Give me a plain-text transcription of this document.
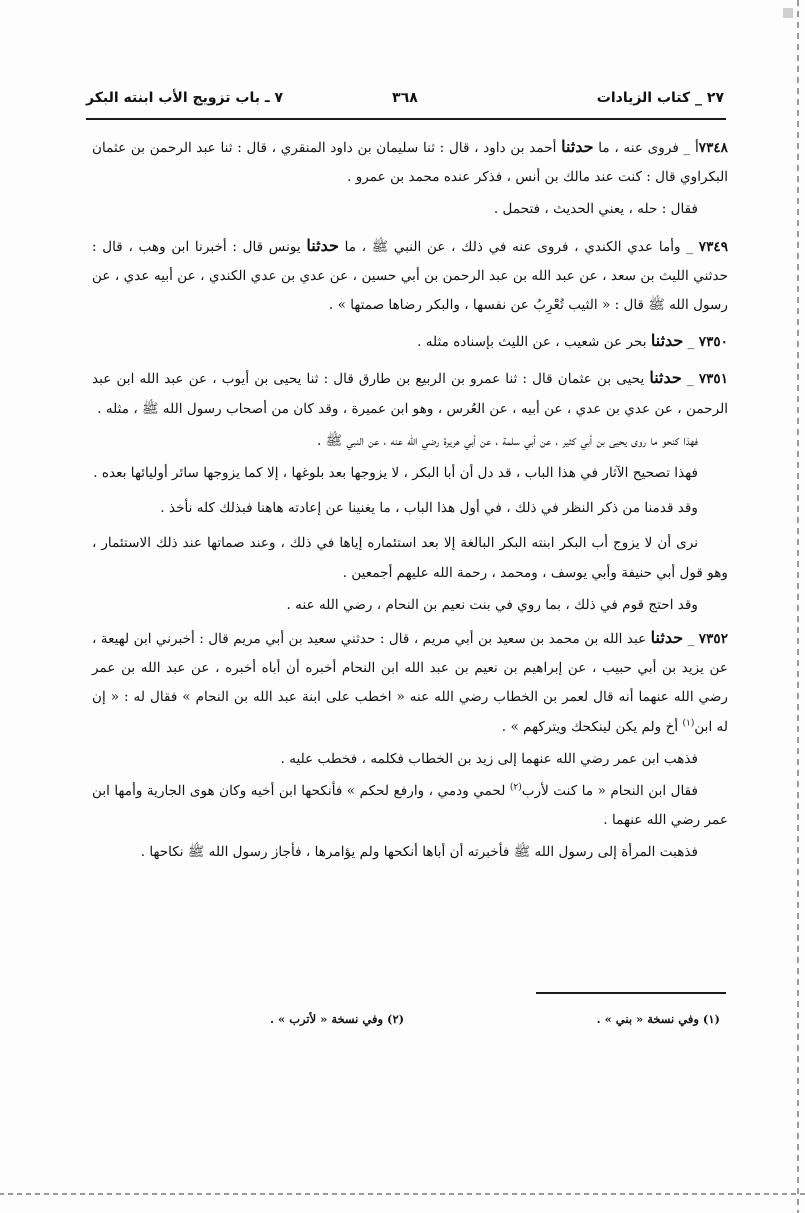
٢٧ _ كتاب الزيادات
٣٦٨
٧ ـ باب تزويج الأب ابنته البكر

٧٣٤٨أ _ فروى عنه ، ما حدثنا أحمد بن داود ، قال : ثنا سليمان بن داود المنقري ، قال : ثنا عبد الرحمن بن عثمان البكراوي قال : كنت عند مالك بن أنس ، فذكر عنده محمد بن عمرو .

فقال : حله ، يعني الحديث ، فتحمل .

٧٣٤٩ _ وأما عدي الكندي ، فروى عنه في ذلك ، عن النبي ﷺ ، ما حدثنا يونس قال : أخبرنا ابن وهب ، قال : حدثني الليث بن سعد ، عن عبد الله بن عبد الرحمن بن أبي حسين ، عن عدي بن عدي الكندي ، عن أبيه عدي ، عن رسول الله ﷺ قال : « الثيب تُعْرِبُ عن نفسها ، والبكر رضاها صمتها » .

٧٣٥٠ _ حدثنا بحر عن شعيب ، عن الليث بإسناده مثله .

٧٣٥١ _ حدثنا يحيى بن عثمان قال : ثنا عمرو بن الربيع بن طارق قال : ثنا يحيى بن أيوب ، عن عبد الله ابن عبد الرحمن ، عن عدي بن عدي ، عن أبيه ، عن العُرس ، وهو ابن عميرة ، وقد كان من أصحاب رسول الله ﷺ ، مثله .

فهذا كنحو ما روى يحيى بن أبي كثير ، عن أبي سلمة ، عن أبي هريرة رضي الله عنه ، عن النبي ﷺ .

فهذا تصحيح الآثار في هذا الباب ، قد دل أن أبا البكر ، لا يزوجها بعد بلوغها ، إلا كما يزوجها سائر أوليائها بعده .

وقد قدمنا من ذكر النظر في ذلك ، في أول هذا الباب ، ما يغنينا عن إعادته هاهنا فبذلك كله نأخذ .

نرى أن لا يزوج أب البكر ابنته البكر البالغة إلا بعد استئماره إياها في ذلك ، وعند صماتها عند ذلك الاستئمار ، وهو قول أبي حنيفة وأبي يوسف ، ومحمد ، رحمة الله عليهم أجمعين .

وقد احتج قوم في ذلك ، بما روي في بنت نعيم بن النحام ، رضي الله عنه .

٧٣٥٢ _ حدثنا عبد الله بن محمد بن سعيد بن أبي مريم ، قال : حدثني سعيد بن أبي مريم قال : أخبرني ابن لهيعة ، عن يزيد بن أبي حبيب ، عن إبراهيم بن نعيم بن عبد الله ابن النحام أخبره أن أباه أخبره ، عن عبد الله بن عمر رضي الله عنهما أنه قال لعمر بن الخطاب رضي الله عنه « اخطب على ابنة عبد الله بن النحام » فقال له : « إن له ابن$^{(١)}$ أخ ولم يكن لينكحك ويتركهم » .

فذهب ابن عمر رضي الله عنهما إلى زيد بن الخطاب فكلمه ، فخطب عليه .

فقال ابن النحام « ما كنت لأرب$^{(٢)}$ لحمي ودمي ، وارفع لحكم » فأنكحها ابن أخيه وكان هوى الجارية وأمها ابن عمر رضي الله عنهما .

فذهبت المرأة إلى رسول الله ﷺ فأخبرته أن أباها أنكحها ولم يؤامرها ، فأجاز رسول الله ﷺ نكاحها .

(١) وفي نسخة « بني » .
(٢) وفي نسخة « لأترب » .
